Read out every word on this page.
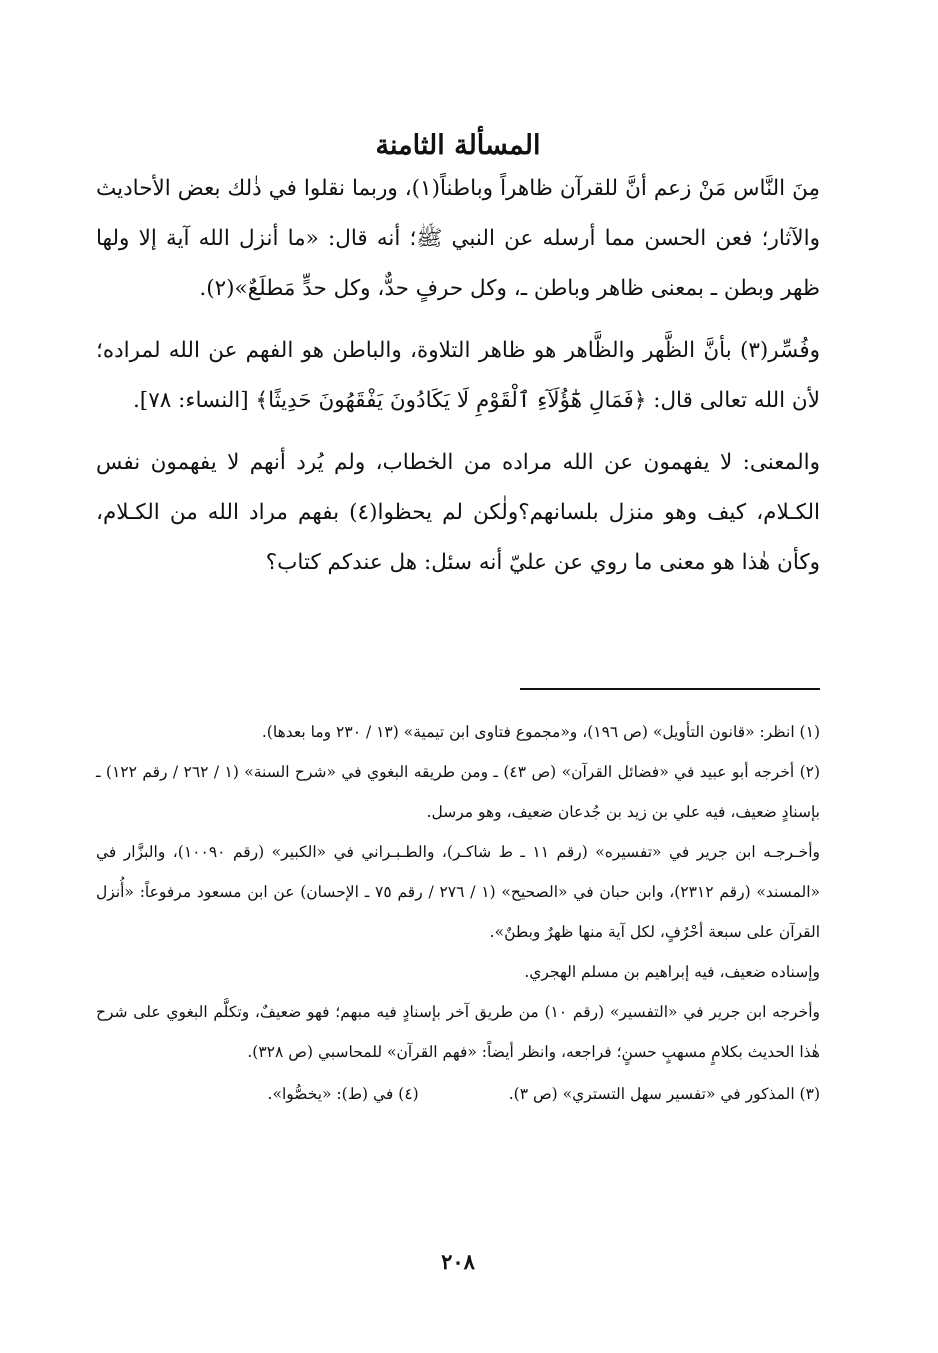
المسألة الثامنة

مِنَ النَّاس مَنْ زعم أنَّ للقرآن ظاهراً وباطناً(١)، وربما نقلوا في ذٰلك بعض الأحاديث والآثار؛ فعن الحسن مما أرسله عن النبي ﷺ؛ أنه قال: «ما أنزل الله آية إلا ولها ظهر وبطن ـ بمعنى ظاهر وباطن ـ، وكل حرفٍ حدٌّ، وكل حدٍّ مَطلَعٌ»(٢).

وفُسِّر(٣) بأنَّ الظَّهر والظَّاهر هو ظاهر التلاوة، والباطن هو الفهم عن الله لمراده؛ لأن الله تعالى قال: ﴿فَمَالِ هَٰٓؤُلَآءِ ٱلْقَوْمِ لَا يَكَادُونَ يَفْقَهُونَ حَدِيثًا﴾ [النساء: ٧٨].

والمعنى: لا يفهمون عن الله مراده من الخطاب، ولم يُرد أنهم لا يفهمون نفس الكـلام، كيف وهو منزل بلسانهم؟ولٰكن لم يحظوا(٤) بفهم مراد الله من الكـلام، وكأن هٰذا هو معنى ما روي عن عليّ أنه سئل: هل عندكم كتاب؟

(١) انظر: «قانون التأويل» (ص ١٩٦)، و«مجموع فتاوى ابن تيمية» (١٣ / ٢٣٠ وما بعدها).

(٢) أخرجه أبو عبيد في «فضائل القرآن» (ص ٤٣) ـ ومن طريقه البغوي في «شرح السنة» (١ / ٢٦٢ / رقم ١٢٢) ـ بإسنادٍ ضعيف، فيه علي بن زيد بن جُدعان ضعيف، وهو مرسل.

وأخـرجـه ابن جرير في «تفسيره» (رقم ١١ ـ ط شاكـر)، والطـبـراني في «الكبير» (رقم ١٠٠٩٠)، والبزَّار في «المسند» (رقم ٢٣١٢)، وابن حبان في «الصحيح» (١ / ٢٧٦ / رقم ٧٥ ـ الإحسان) عن ابن مسعود مرفوعاً: «أُنزل القرآن على سبعة أحْرُفٍ، لكل آية منها ظهرٌ وبطنٌ».

وإسناده ضعيف، فيه إبراهيم بن مسلم الهجري.

وأخرجه ابن جرير في «التفسير» (رقم ١٠) من طريق آخر بإسنادٍ فيه مبهم؛ فهو ضعيفٌ، وتكلَّم البغوي على شرح هٰذا الحديث بكلامٍ مسهبٍ حسنٍ؛ فراجعه، وانظر أيضاً: «فهم القرآن» للمحاسبي (ص ٣٢٨).

(٣) المذكور في «تفسير سهل التستري» (ص ٣).
(٤) في (ط): «يخصُّوا».
٢٠٨
